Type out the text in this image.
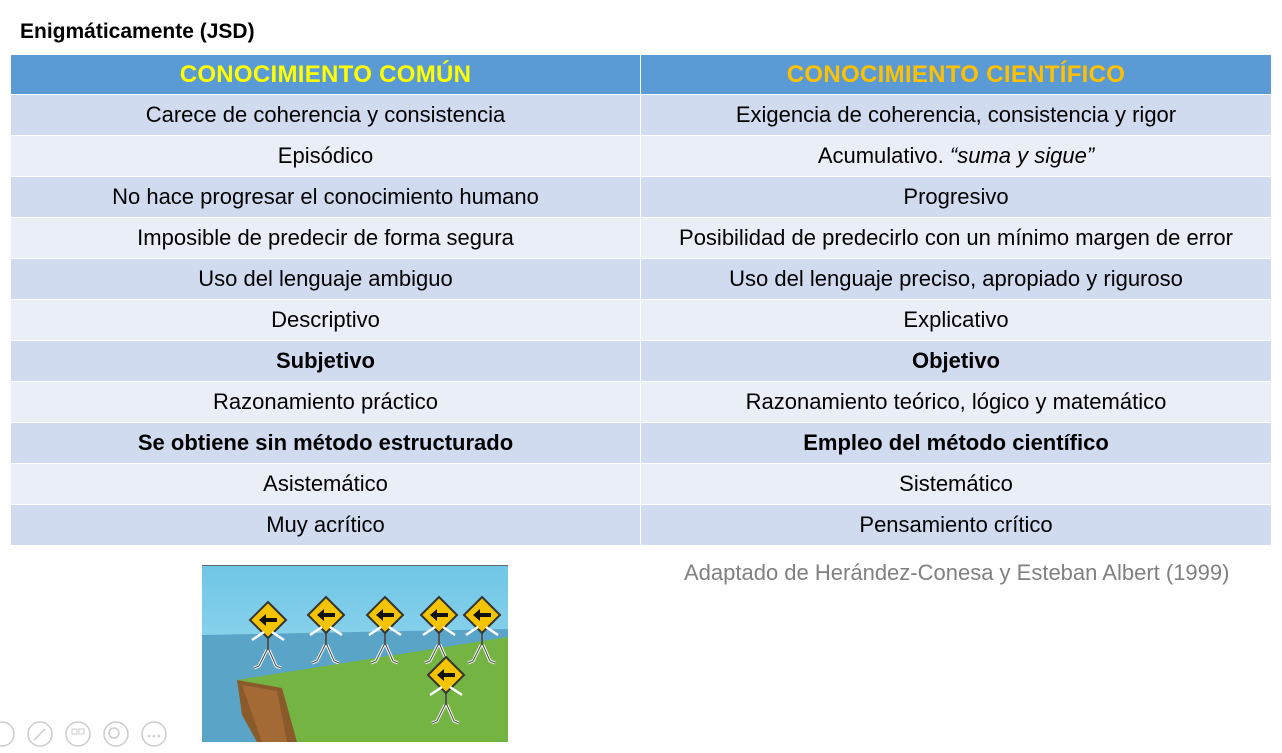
Enigmáticamente (JSD)
CONOCIMIENTO COMÚN	CONOCIMIENTO CIENTÍFICO
Carece de coherencia y consistencia	Exigencia de coherencia, consistencia y rigor
Episódico	Acumulativo. “suma y sigue”
No hace progresar el conocimiento humano	Progresivo
Imposible de predecir de forma segura	Posibilidad de predecirlo con un mínimo margen de error
Uso del lenguaje ambiguo	Uso del lenguaje preciso, apropiado y riguroso
Descriptivo	Explicativo
Subjetivo	Objetivo
Razonamiento práctico	Razonamiento teórico, lógico y matemático
Se obtiene sin método estructurado	Empleo del método científico
Asistemático	Sistemático
Muy acrítico	Pensamiento crítico
Adaptado de Herández-Conesa y Esteban Albert (1999)
